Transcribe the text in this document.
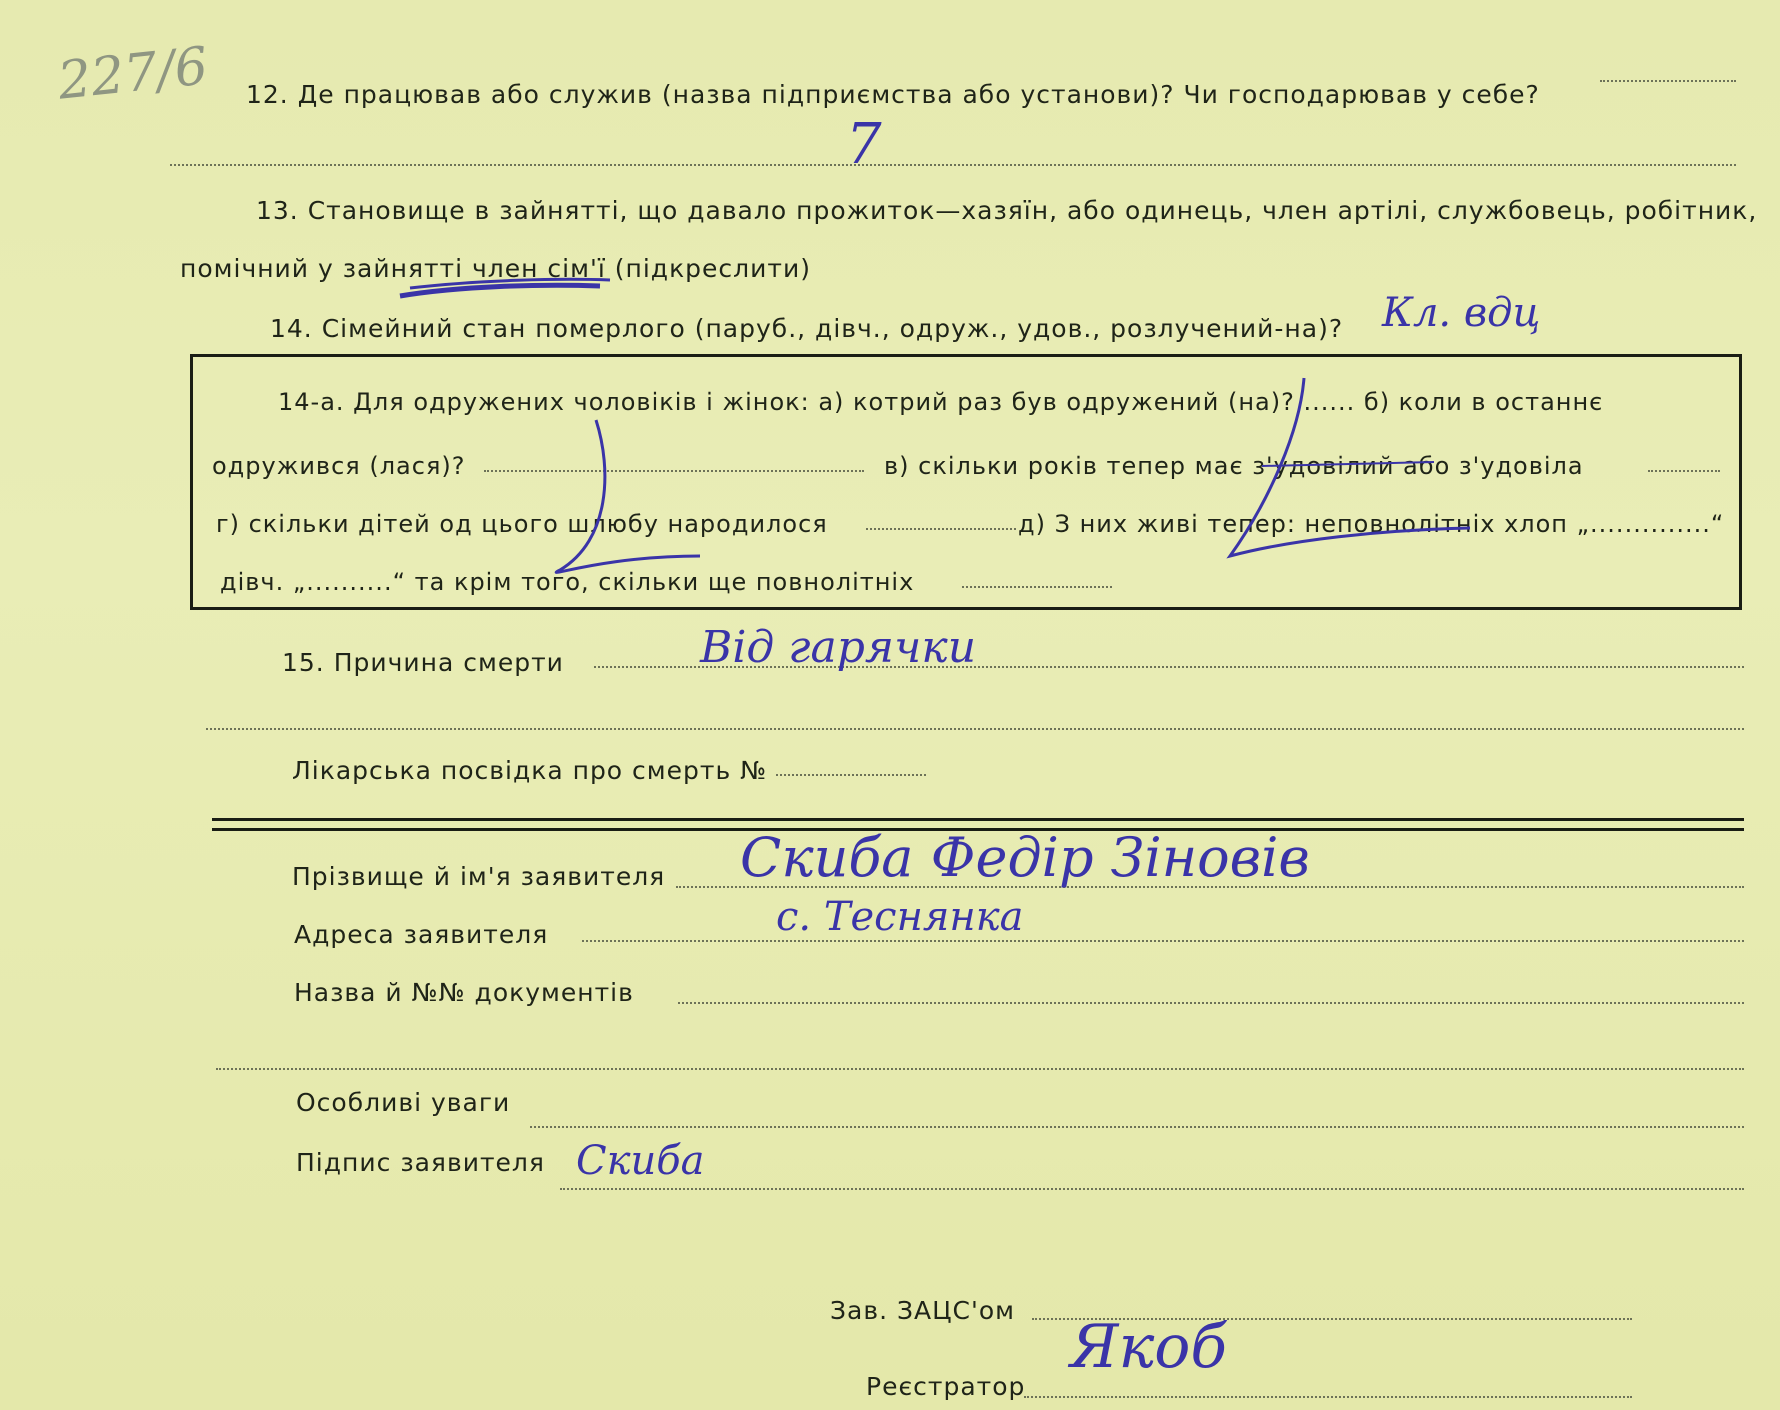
227/6 12. Де працював або служив (назва підприємства або установи)? Чи господарював у себе?
7
13. Становище в зайнятті, що давало прожиток—хазяїн, або одинець, член артілі, службовець, робітник,
помічний у зайнятті член сім'ї (підкреслити)
14. Сімейний стан померлого (паруб., дівч., одруж., удов., розлучений-на)? Кл. вдц
14-а. Для одружених чоловіків і жінок: а) котрий раз був одружений (на)? ...... б) коли в останнє
одружився (лася)?	в) скільки років тепер має з'удовілий або з'удовіла
г) скільки дітей од цього шлюбу народилося	д) З них живі тепер: неповнолітніх хлоп „..............“
дівч. „..........“ та крім того, скільки ще повнолітніх
15. Причина смерти	Від гарячки
Лікарська посвідка про смерть №
Прізвище й ім'я заявителя Скиба Федір Зіновів
Адреса заявителя	с. Теснянка
Назва й №№ документів
Особливі уваги
Підпис заявителя Скиба
Зав. ЗАЦС'ом
Реєстратор
Якоб
